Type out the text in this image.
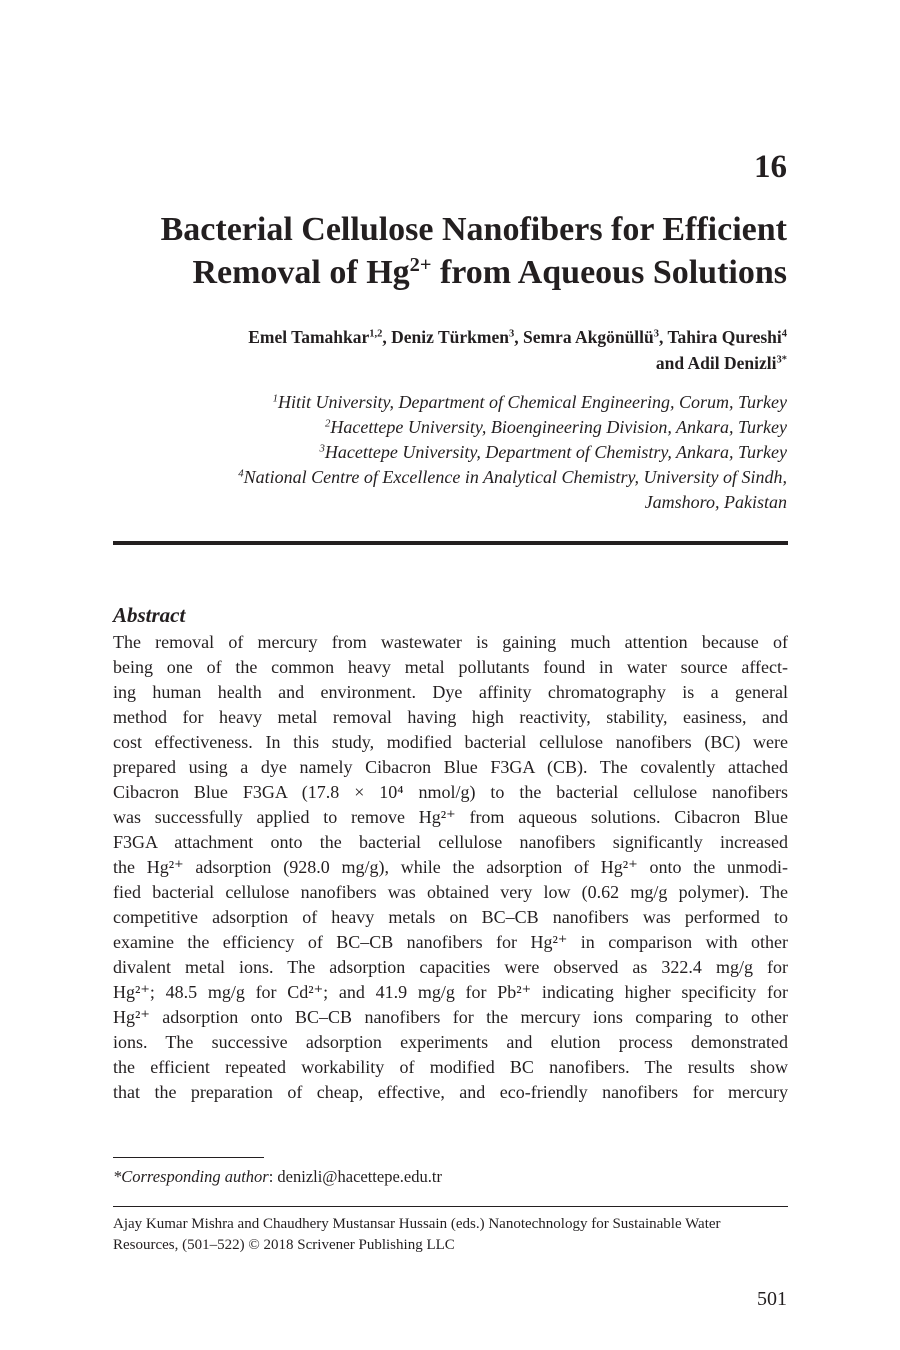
16
Bacterial Cellulose Nanofibers for Efficient
Removal of $Hg^{2+}$ from Aqueous Solutions
Emel Tamahkar$^{1,2}$, Deniz Türkmen$^3$, Semra Akgönüllü$^3$, Tahira Qureshi$^4$
and Adil Denizli$^{3*}$
$^1$Hitit University, Department of Chemical Engineering, Corum, Turkey
$^2$Hacettepe University, Bioengineering Division, Ankara, Turkey
$^3$Hacettepe University, Department of Chemistry, Ankara, Turkey
$^4$National Centre of Excellence in Analytical Chemistry, University of Sindh,
Jamshoro, Pakistan
Abstract
The removal of mercury from wastewater is gaining much attention because of
being one of the common heavy metal pollutants found in water source affect-
ing human health and environment. Dye affinity chromatography is a general
method for heavy metal removal having high reactivity, stability, easiness, and
cost effectiveness. In this study, modified bacterial cellulose nanofibers (BC) were
prepared using a dye namely Cibacron Blue F3GA (CB). The covalently attached
Cibacron Blue F3GA (17.8 × 10⁴ nmol/g) to the bacterial cellulose nanofibers
was successfully applied to remove Hg²⁺ from aqueous solutions. Cibacron Blue
F3GA attachment onto the bacterial cellulose nanofibers significantly increased
the Hg²⁺ adsorption (928.0 mg/g), while the adsorption of Hg²⁺ onto the unmodi-
fied bacterial cellulose nanofibers was obtained very low (0.62 mg/g polymer). The
competitive adsorption of heavy metals on BC–CB nanofibers was performed to
examine the efficiency of BC–CB nanofibers for Hg²⁺ in comparison with other
divalent metal ions. The adsorption capacities were observed as 322.4 mg/g for
Hg²⁺; 48.5 mg/g for Cd²⁺; and 41.9 mg/g for Pb²⁺ indicating higher specificity for
Hg²⁺ adsorption onto BC–CB nanofibers for the mercury ions comparing to other
ions. The successive adsorption experiments and elution process demonstrated
the efficient repeated workability of modified BC nanofibers. The results show
that the preparation of cheap, effective, and eco-friendly nanofibers for mercury
*Corresponding author: denizli@hacettepe.edu.tr
Ajay Kumar Mishra and Chaudhery Mustansar Hussain (eds.) Nanotechnology for Sustainable Water
Resources, (501–522) © 2018 Scrivener Publishing LLC
501
